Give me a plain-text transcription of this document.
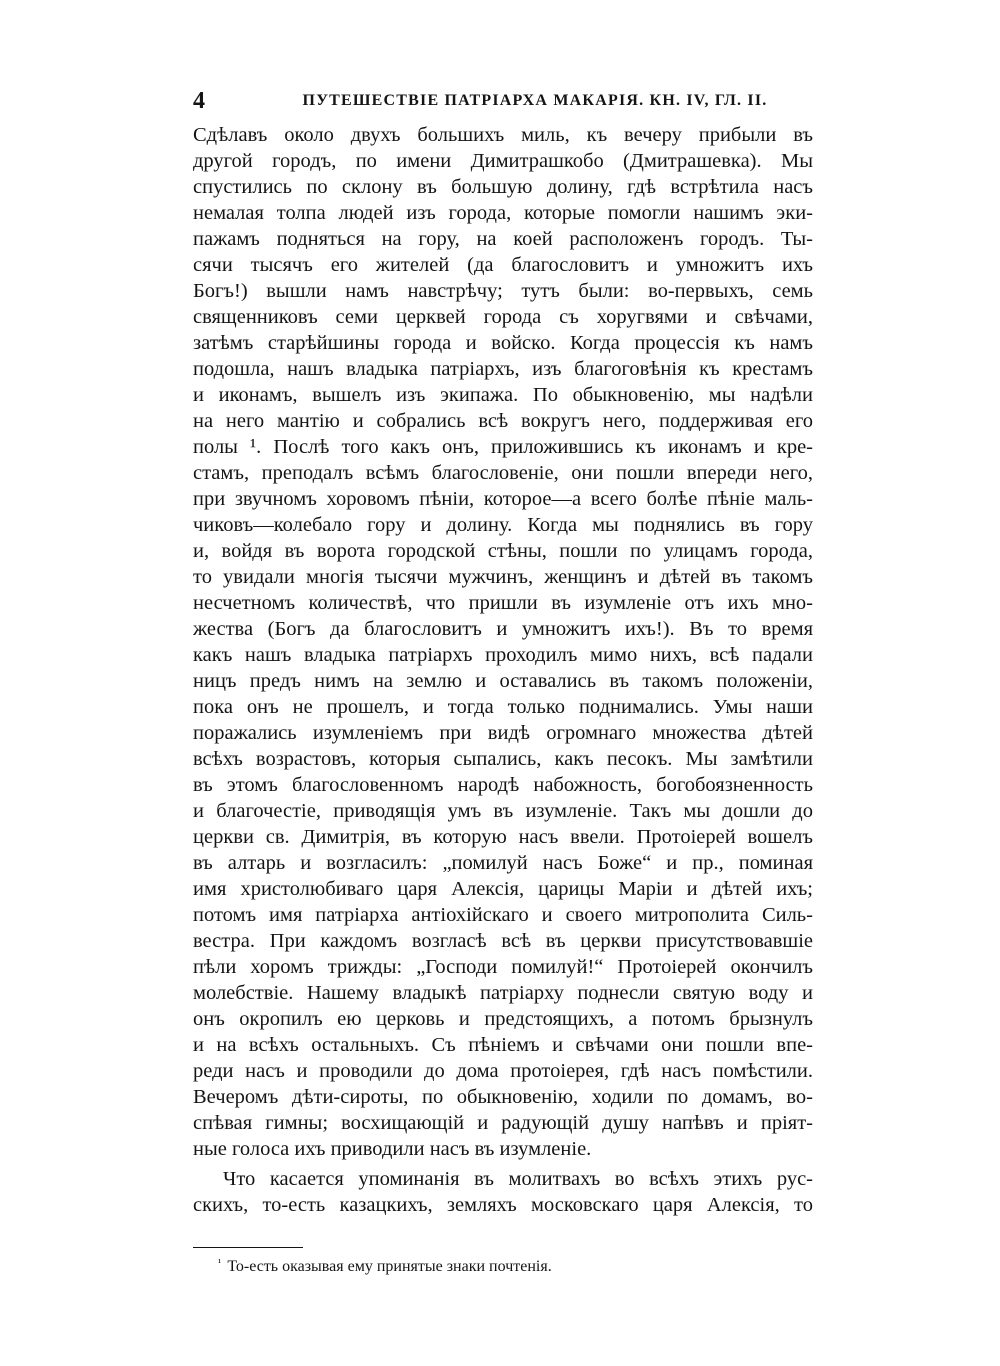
4	ПУТЕШЕСТВІЕ ПАТРІАРХА МАКАРІЯ. КН. IV, ГЛ. II.
Сдѣлавъ около двухъ большихъ миль, къ вечеру прибыли въ
другой городъ, по имени Димитрашкобо (Дмитрашевка). Мы
спустились по склону въ большую долину, гдѣ встрѣтила насъ
немалая толпа людей изъ города, которые помогли нашимъ эки-
пажамъ подняться на гору, на коей расположенъ городъ. Ты-
сячи тысячъ его жителей (да благословитъ и умножитъ ихъ
Богъ!) вышли намъ навстрѣчу; тутъ были: во-первыхъ, семь
священниковъ семи церквей города съ хоругвями и свѣчами,
затѣмъ старѣйшины города и войско. Когда процессія къ намъ
подошла, нашъ владыка патріархъ, изъ благоговѣнія къ крестамъ
и иконамъ, вышелъ изъ экипажа. По обыкновенію, мы надѣли
на него мантію и собрались всѣ вокругъ него, поддерживая его
полы ¹. Послѣ того какъ онъ, приложившись къ иконамъ и кре-
стамъ, преподалъ всѣмъ благословеніе, они пошли впереди него,
при звучномъ хоровомъ пѣніи, которое—а всего болѣе пѣніе маль-
чиковъ—колебало гору и долину. Когда мы поднялись въ гору
и, войдя въ ворота городской стѣны, пошли по улицамъ города,
то увидали многія тысячи мужчинъ, женщинъ и дѣтей въ такомъ
несчетномъ количествѣ, что пришли въ изумленіе отъ ихъ мно-
жества (Богъ да благословитъ и умножитъ ихъ!). Въ то время
какъ нашъ владыка патріархъ проходилъ мимо нихъ, всѣ падали
ницъ предъ нимъ на землю и оставались въ такомъ положеніи,
пока онъ не прошелъ, и тогда только поднимались. Умы наши
поражались изумленіемъ при видѣ огромнаго множества дѣтей
всѣхъ возрастовъ, которыя сыпались, какъ песокъ. Мы замѣтили
въ этомъ благословенномъ народѣ набожность, богобоязненность
и благочестіе, приводящія умъ въ изумленіе. Такъ мы дошли до
церкви св. Димитрія, въ которую насъ ввели. Протоіерей вошелъ
въ алтарь и возгласилъ: „помилуй насъ Боже“ и пр., поминая
имя христолюбиваго царя Алексія, царицы Маріи и дѣтей ихъ;
потомъ имя патріарха антіохійскаго и своего митрополита Силь-
вестра. При каждомъ возгласѣ всѣ въ церкви присутствовавшіе
пѣли хоромъ трижды: „Господи помилуй!“ Протоіерей окончилъ
молебствіе. Нашему владыкѣ патріарху поднесли святую воду и
онъ окропилъ ею церковь и предстоящихъ, а потомъ брызнулъ
и на всѣхъ остальныхъ. Съ пѣніемъ и свѣчами они пошли впе-
реди насъ и проводили до дома протоіерея, гдѣ насъ помѣстили.
Вечеромъ дѣти-сироты, по обыкновенію, ходили по домамъ, во-
спѣвая гимны; восхищающій и радующій душу напѣвъ и пріят-
ные голоса ихъ приводили насъ въ изумленіе.
Что касается упоминанія въ молитвахъ во всѣхъ этихъ рус-
скихъ, то-есть казацкихъ, земляхъ московскаго царя Алексія, то
$^{^1}$ То-есть оказывая ему принятые знаки почтенія.
